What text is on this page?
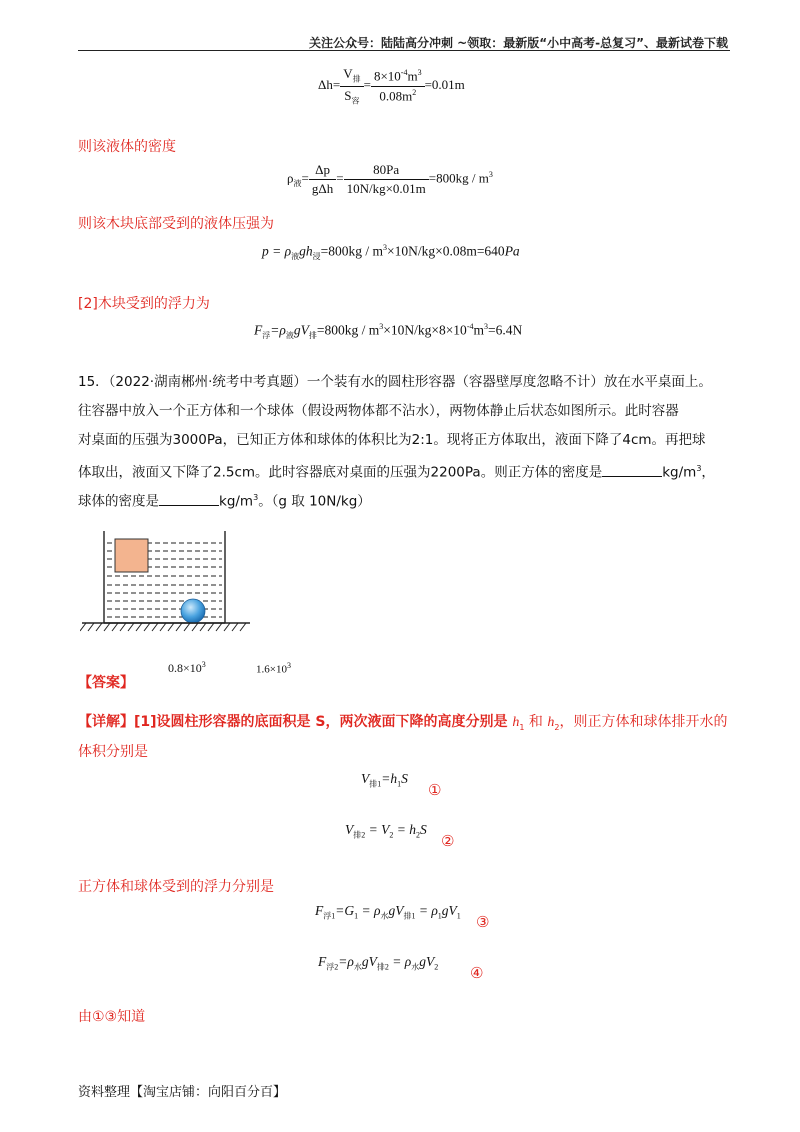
关注公众号：陆陆高分冲刺 ~领取：最新版“小中高考-总复习”、最新试卷下载
$\Delta h= \frac{V_排}{S_容} = \frac{8\times 10^{-4}m^3}{0.08m^2} =0.01m$
则该液体的密度
$\rho_液= \frac{\Delta p}{\text{gΔh}} = \frac{80Pa}{10N/kg\times 0.01m} =800kg / m^3$
则该木块底部受到的液体压强为
$p = \rho_液gh_浸=800kg / m^3\times 10N/kg\times 0.08m=640Pa$
[2]木块受到的浮力为
$F_浮=\rho_液gV_排=800kg / m^3\times 10N/kg\times 8\times 10^{-4}m^3=6.4N$
15．（2022·湖南郴州·统考中考真题）一个装有水的圆柱形容器（容器壁厚度忽略不计）放在水平桌面上。
往容器中放入一个正方体和一个球体（假设两物体都不沾水），两物体静止后状态如图所示。此时容器
对桌面的压强为3000Pa，已知正方体和球体的体积比为2:1。现将正方体取出，液面下降了4cm。再把球
体取出，液面又下降了2.5cm。此时容器底对桌面的压强为2200Pa。则正方体的密度是	$kg/m^3$，
球体的密度是	$kg/m^3$。（g 取 10N/kg）
【答案】
$0.8\times 10^3$	$1.6\times 10^3$
【详解】[1]设圆柱形容器的底面积是 S，两次液面下降的高度分别是 $h_1$ 和 $h_2$，则正方体和球体排开水的
体积分别是
$V_{排1}=h_1S$
①
$V_{排2} = V_2 = h_2S$
②
正方体和球体受到的浮力分别是
$F_{浮1}=G_1 = \rho_水gV_{排1} = \rho_1gV_1$ ③
$F_{浮2}=\rho_水gV_{排2} = \rho_水gV_2$ ④
由①③知道
资料整理【淘宝店铺：向阳百分百】
